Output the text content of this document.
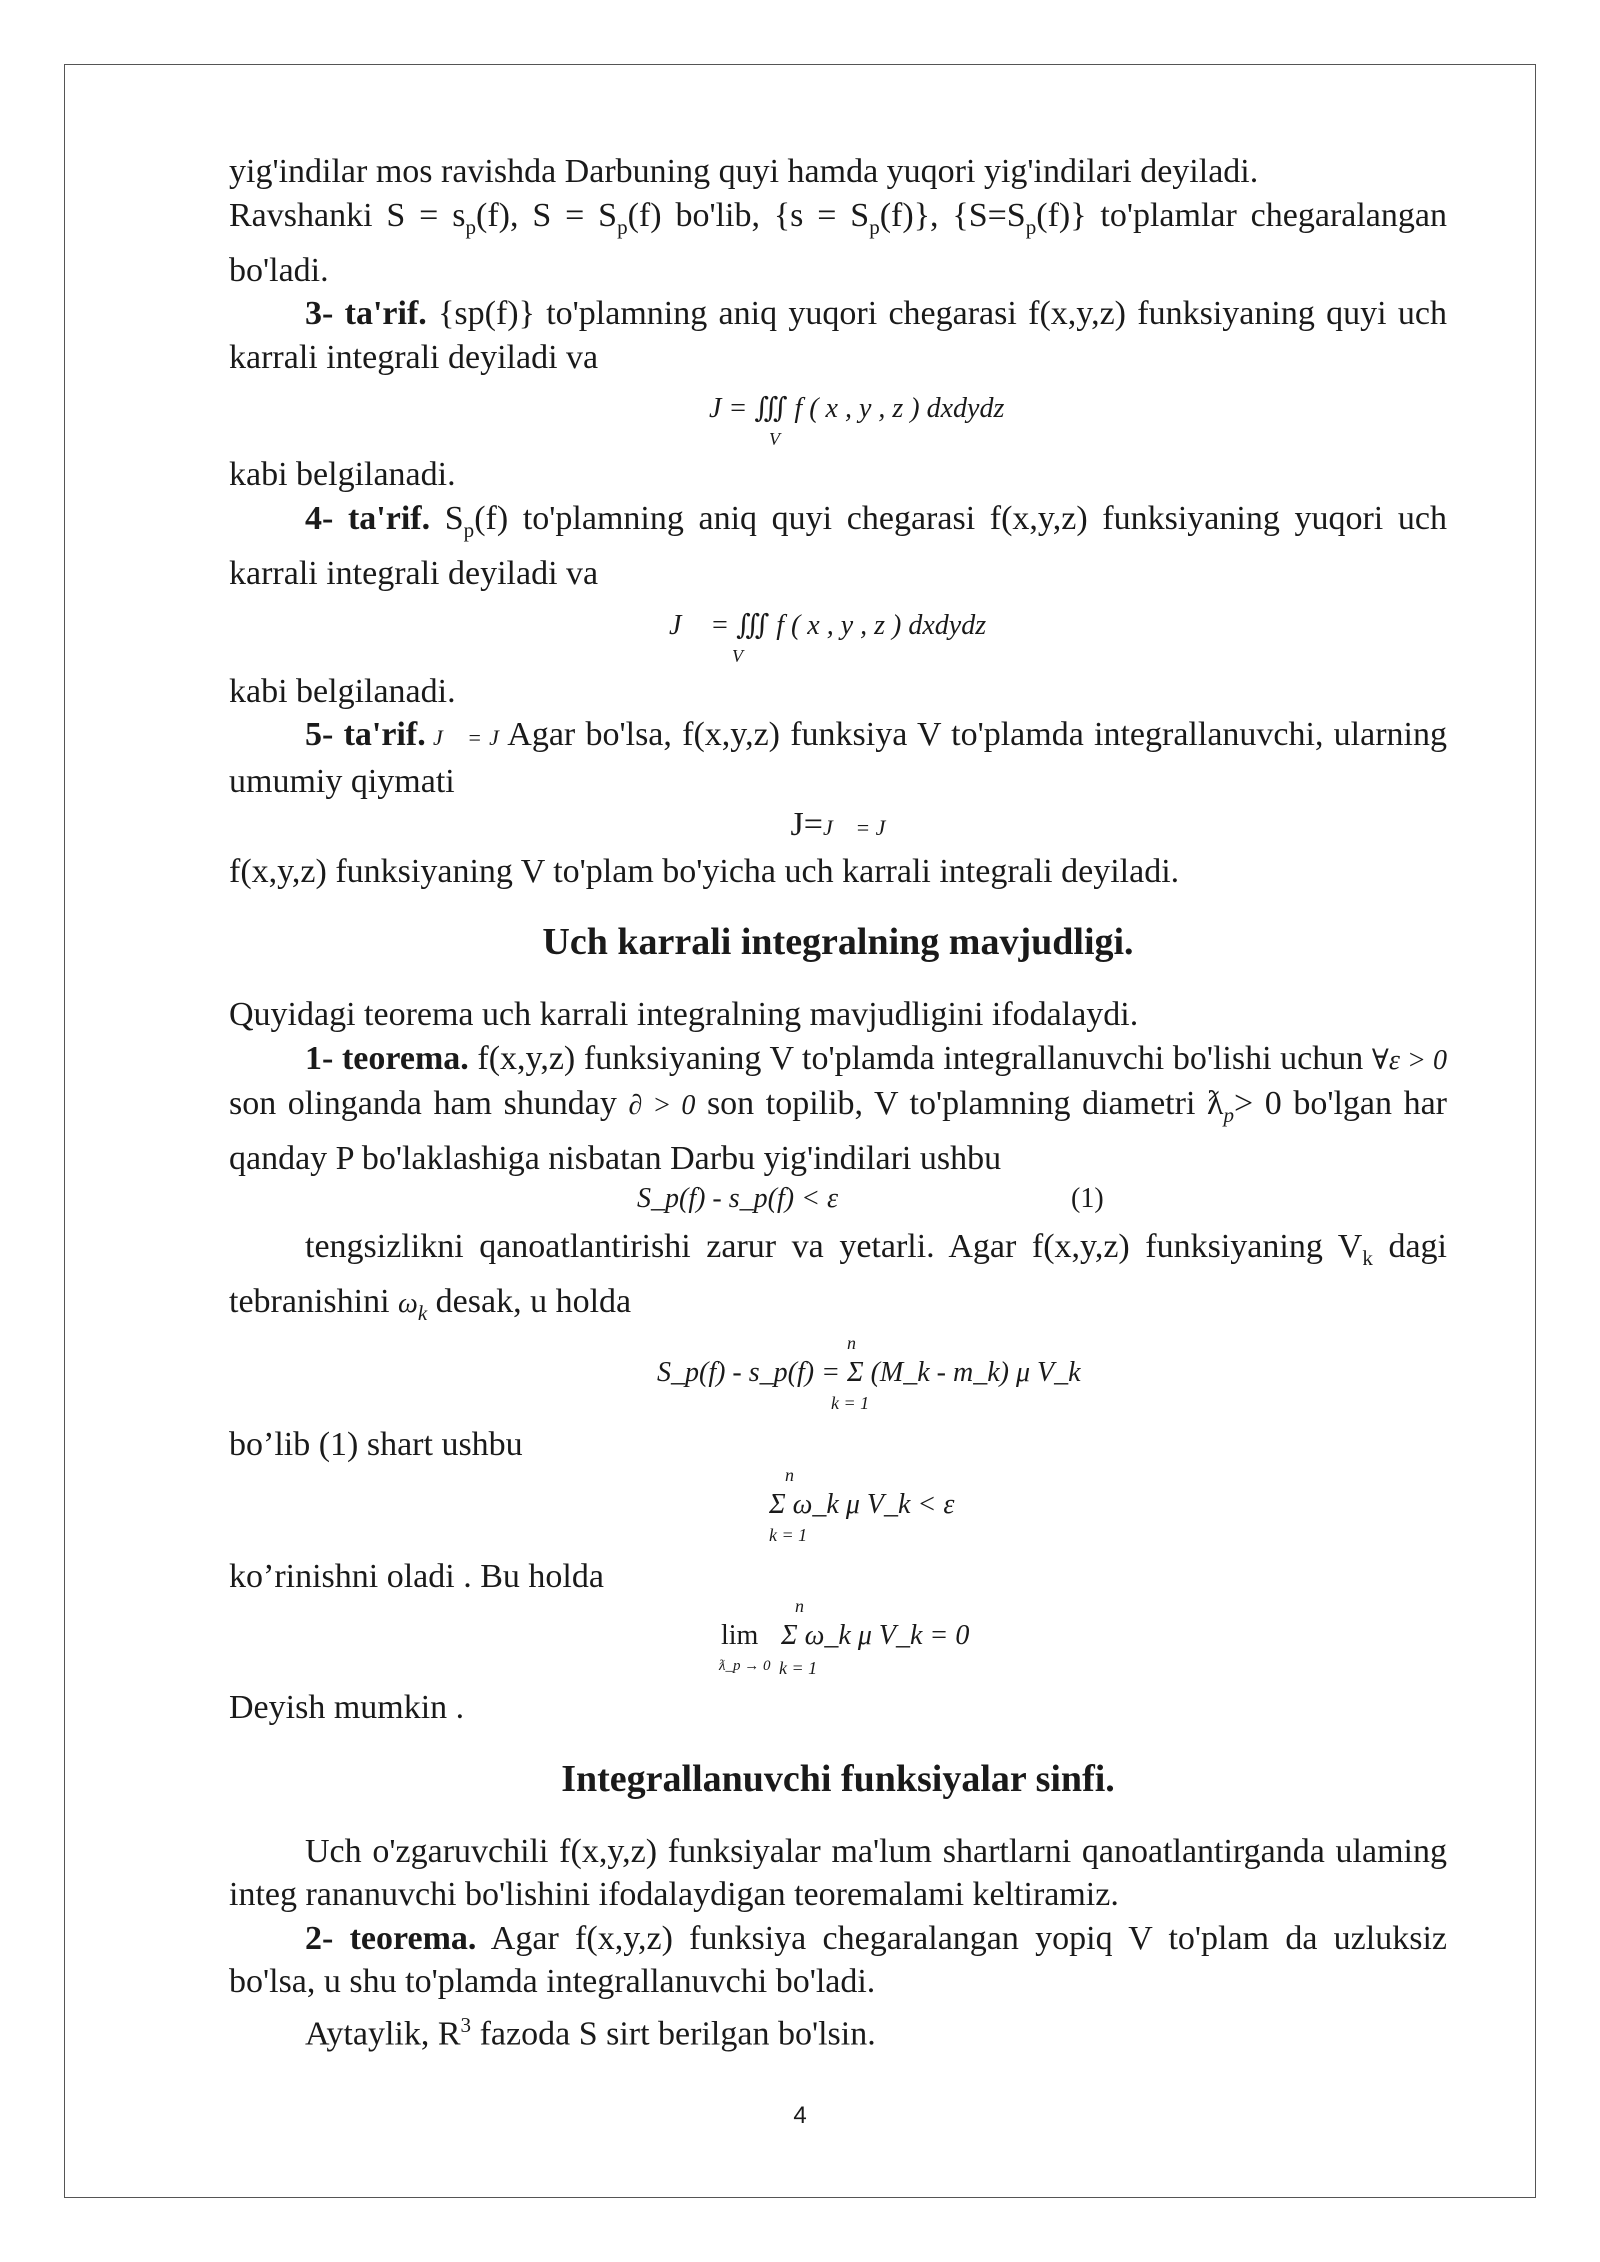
yig'indilar mos ravishda Darbuning quyi hamda yuqori yig'indilari deyiladi.

Ravshanki $S = s_p(f)$, $S = S_p(f)$ bo'lib, $\{s = S_p(f)\}$, $\{S=S_p(f)\}$ to'plamlar chegaralangan bo'ladi.

3- ta'rif. {sp(f)} to'plamning aniq yuqori chegarasi f(x,y,z) funksiyaning quyi uch karrali integrali deyiladi va

J = ∭ f ( x , y , z ) dxdydz
V

kabi belgilanadi.

4- ta'rif. $S_p(f)$ to'plamning aniq quyi chegarasi f(x,y,z) funksiyaning yuqori uch karrali integrali deyiladi va

J⃗ = ∭ f ( x , y , z ) dxdydz
V

kabi belgilanadi.

5- ta'rif. J⃗ = J Agar bo'lsa, f(x,y,z) funksiya V to'plamda integrallanuvchi, ularning umumiy qiymati

J=J⃗ = J

f(x,y,z) funksiyaning V to'plam bo'yicha uch karrali integrali deyiladi.

Uch karrali integralning mavjudligi.

Quyidagi teorema uch karrali integralning mavjudligini ifodalaydi.

1- teorema. f(x,y,z) funksiyaning V to'plamda integrallanuvchi bo'lishi uchun ∀ε > 0 son olinganda ham shunday ∂ > 0 son topilib, V to'plamning diametri $ƛ_p> 0$ bo'lgan har qanday P bo'laklashiga nisbatan Darbu yig'indilari ushbu

S_p(f) - s_p(f) < ε	(1)

tengsizlikni qanoatlantirishi zarur va yetarli. Agar f(x,y,z) funksiyaning $V_k$ dagi tebranishini $\omega_k$ desak, u holda

n
S_p(f) - s_p(f) = Σ (M_k - m_k) μ V_k
k = 1

bo’lib (1) shart ushbu

n
Σ ω_k μ V_k < ε
k = 1

ko’rinishni oladi . Bu holda

n
lim Σ ω_k μ V_k = 0
ƛ_p → 0 k = 1

Deyish mumkin .

Integrallanuvchi funksiyalar sinfi.

Uch o'zgaruvchili f(x,y,z) funksiyalar ma'lum shartlarni qanoatlantirganda ulaming integ rananuvchi bo'lishini ifodalaydigan teoremalami keltiramiz.

2- teorema. Agar f(x,y,z) funksiya chegaralangan yopiq V to'plam da uzluksiz bo'lsa, u shu to'plamda integrallanuvchi bo'ladi.

Aytaylik, $R^3$ fazoda S sirt berilgan bo'lsin.

4
